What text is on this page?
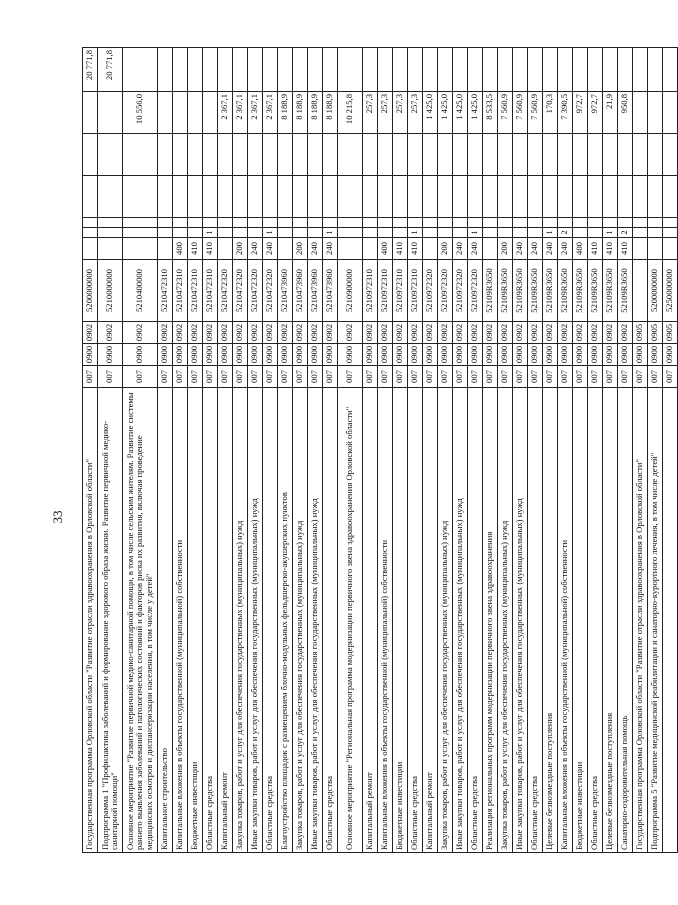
33	Государственная программа Орловской области "Развитие отрасли здравоохранения в Орловской области"	007	0900	0902	5200000000							20 771,8
Подпрограмма 1 "Профилактика заболеваний и формирование здорового образа жизни. Развитие первичной медико-санитарной помощи"	007	0900	0902	5210000000							20 771,8
Основное мероприятие "Развитие первичной медико-санитарной помощи, в том числе сельским жителям. Развитие системы раннего выявления заболеваний и патологических состояний и факторов риска их развития, включая проведение медицинских осмотров и диспансеризации населения, в том числе у детей"	007	0900	0902	5210400000						10 556,0	
Капитальное строительство	007	0900	0902	5210472310							
Капитальные вложения в объекты государственной (муниципальной) собственности	007	0900	0902	5210472310	400						
Бюджетные инвестиции	007	0900	0902	5210472310	410						
Областные средства	007	0900	0902	5210472310	410	1					
Капитальный ремонт	007	0900	0902	5210472320						2 367,1	
Закупка товаров, работ и услуг для обеспечения государственных (муниципальных) нужд	007	0900	0902	5210472320	200					2 367,1	
Иные закупки товаров, работ и услуг для обеспечения государственных (муниципальных) нужд	007	0900	0902	5210472320	240					2 367,1	
Областные средства	007	0900	0902	5210472320	240	1				2 367,1	
Благоустройство площадок с размещением блочно-модульных фельдшерско-акушерских пунктов	007	0900	0902	5210473960						8 188,9	
Закупка товаров, работ и услуг для обеспечения государственных (муниципальных) нужд	007	0900	0902	5210473960	200					8 188,9	
Иные закупки товаров, работ и услуг для обеспечения государственных (муниципальных) нужд	007	0900	0902	5210473960	240					8 188,9	
Областные средства	007	0900	0902	5210473960	240	1				8 188,9	
Основное мероприятие "Региональная программа модернизации первичного звена здравоохранения Орловской области"	007	0900	0902	5210900000						10 215,8	
Капитальный ремонт	007	0900	0902	5210972310						257,3	
Капитальные вложения в объекты государственной (муниципальной) собственности	007	0900	0902	5210972310	400					257,3	
Бюджетные инвестиции	007	0900	0902	5210972310	410					257,3	
Областные средства	007	0900	0902	5210972310	410	1				257,3	
Капитальный ремонт	007	0900	0902	5210972320						1 425,0	
Закупка товаров, работ и услуг для обеспечения государственных (муниципальных) нужд	007	0900	0902	5210972320	200					1 425,0	
Иные закупки товаров, работ и услуг для обеспечения государственных (муниципальных) нужд	007	0900	0902	5210972320	240					1 425,0	
Областные средства	007	0900	0902	5210972320	240	1				1 425,0	
Реализация региональных программ модернизации первичного звена здравоохранения	007	0900	0902	52109R3650						8 533,5	
Закупка товаров, работ и услуг для обеспечения государственных (муниципальных) нужд	007	0900	0902	52109R3650	200					7 560,9	
Иные закупки товаров, работ и услуг для обеспечения государственных (муниципальных) нужд	007	0900	0902	52109R3650	240					7 560,9	
Областные средства	007	0900	0902	52109R3650	240					7 560,9	
Целевые безвозмездные поступления	007	0900	0902	52109R3650	240	1				170,3	
Капитальные вложения в объекты государственной (муниципальной) собственности	007	0900	0902	52109R3650	240	2				7 390,5	
Бюджетные инвестиции	007	0900	0902	52109R3650	400					972,7	
Областные средства	007	0900	0902	52109R3650	410					972,7	
Целевые безвозмездные поступления	007	0900	0902	52109R3650	410	1				21,9	
Санаторно-оздоровительная помощь	007	0900	0902	52109R3650	410	2				950,8	
Государственная программа Орловской области "Развитие отрасли здравоохранения в Орловской области"	007	0900	0905								
Подпрограмма 5 "Развитие медицинской реабилитации и санаторно-курортного лечения, в том числе детей"	007	0900	0905	5200000000							
	007	0900	0905	5250000000							
